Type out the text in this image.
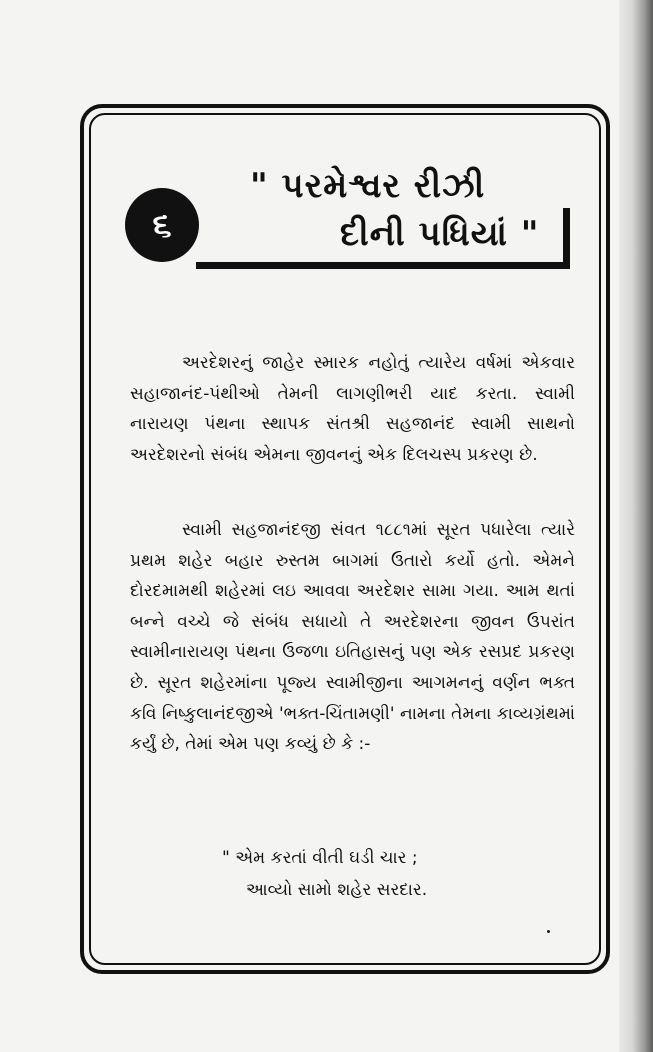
૬
" પરમેશ્વર રીઝી
દીની પધિયાં "

અરદેશરનું જાહેર સ્મારક નહોતું ત્યારેય વર્ષમાં એકવાર સહાજાનંદ-પંથીઓ તેમની લાગણીભરી યાદ કરતા. સ્વામી નારાયણ પંથના સ્થાપક સંતશ્રી સહજાનંદ સ્વામી સાથનો અરદેશરનો સંબંધ એમના જીવનનું એક દિલચસ્પ પ્રકરણ છે.

સ્વામી સહજાનંદજી સંવત ૧૮૮૧માં સૂરત પધારેલા ત્યારે પ્રથમ શહેર બહાર રુસ્તમ બાગમાં ઉતારો કર્યો હતો. એમને દોરદમામથી શહેરમાં લઇ આવવા અરદેશર સામા ગયા. આમ થતાં બન્ને વચ્ચે જે સંબંધ સધાયો તે અરદેશરના જીવન ઉપરાંત સ્વામીનારાયણ પંથના ઉજળા ઇતિહાસનું પણ એક રસપ્રદ પ્રકરણ છે. સૂરત શહેરમાંના પૂજ્ય સ્વામીજીના આગમનનું વર્ણન ભક્ત કવિ નિષ્કુલાનંદજીએ 'ભક્ત-ચિંતામણી' નામના તેમના કાવ્યગ્રંથમાં કર્યું છે, તેમાં એમ પણ કવ્યું છે કે :-

" એમ કરતાં વીતી ઘડી ચાર ;
આવ્યો સામો શહેર સરદાર.
